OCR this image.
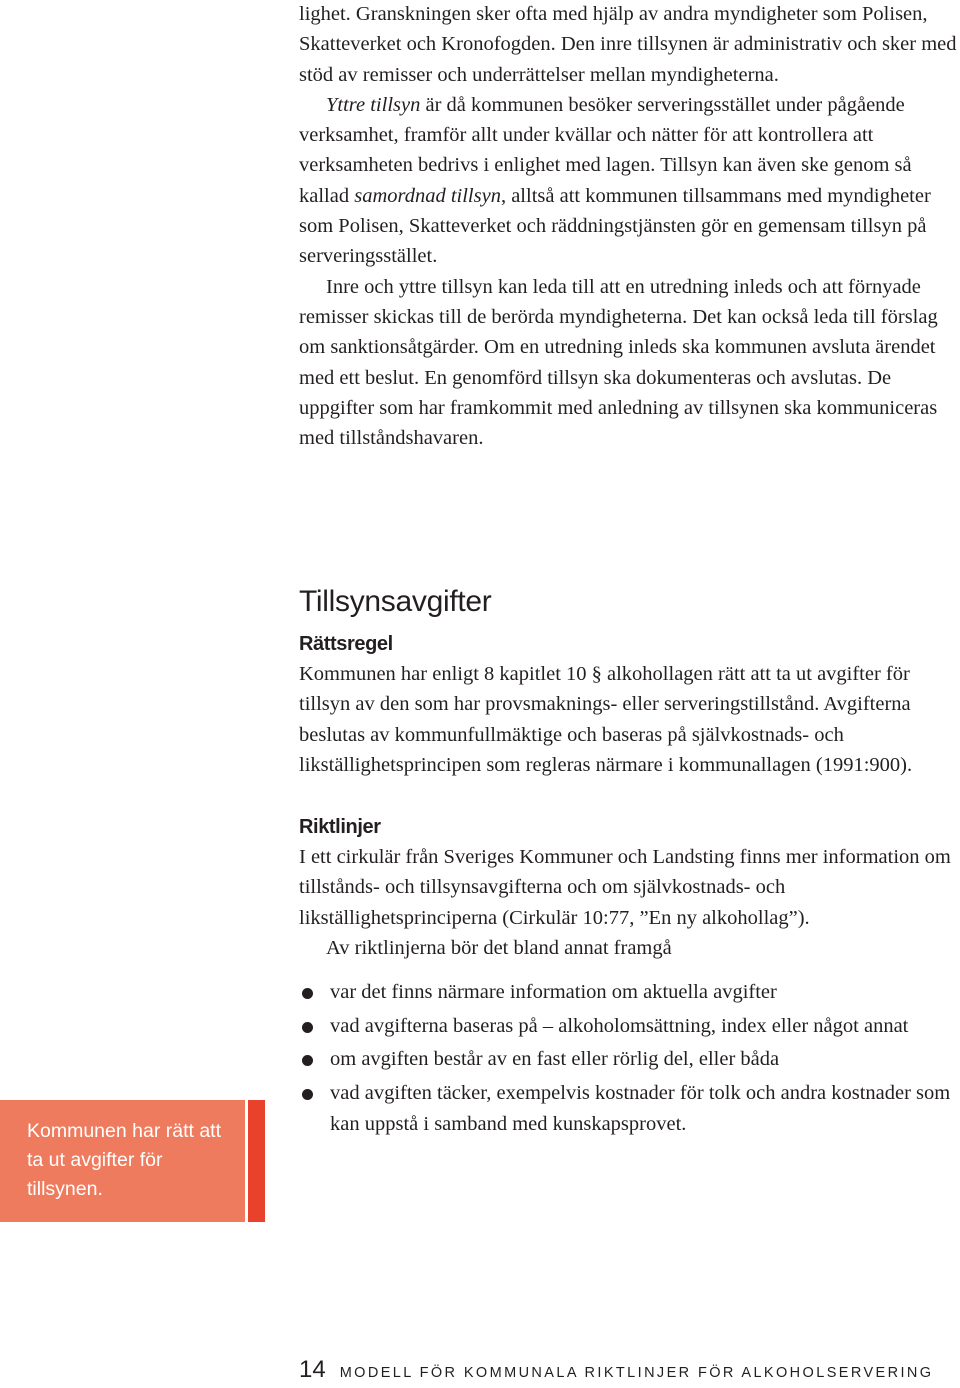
lighet. Granskningen sker ofta med hjälp av andra myndigheter som Polisen, Skatteverket och Kronofogden. Den inre tillsynen är administrativ och sker med stöd av remisser och underrättelser mellan myndigheterna.

Yttre tillsyn är då kommunen besöker serveringsstället under pågående verksamhet, framför allt under kvällar och nätter för att kontrollera att verksamheten bedrivs i enlighet med lagen. Tillsyn kan även ske genom så kallad samordnad tillsyn, alltså att kommunen tillsammans med myndigheter som Polisen, Skatteverket och räddningstjänsten gör en gemensam tillsyn på serveringsstället.

Inre och yttre tillsyn kan leda till att en utredning inleds och att förnyade remisser skickas till de berörda myndigheterna. Det kan också leda till förslag om sanktionsåtgärder. Om en utredning inleds ska kommunen avsluta ärendet med ett beslut. En genomförd tillsyn ska dokumenteras och avslutas. De uppgifter som har framkommit med anledning av tillsynen ska kommuniceras med tillståndshavaren.

Tillsynsavgifter
Rättsregel

Kommunen har enligt 8 kapitlet 10 § alkohollagen rätt att ta ut avgifter för tillsyn av den som har provsmaknings- eller serveringstillstånd. Avgifterna beslutas av kommunfullmäktige och baseras på självkostnads- och likställighetsprincipen som regleras närmare i kommunallagen (1991:900).

Riktlinjer

I ett cirkulär från Sveriges Kommuner och Landsting finns mer information om tillstånds- och tillsynsavgifterna och om självkostnads- och likställighetsprinciperna (Cirkulär 10:77, ”En ny alkohollag”).

Av riktlinjerna bör det bland annat framgå

var det finns närmare information om aktuella avgifter
vad avgifterna baseras på – alkoholomsättning, index eller något annat
om avgiften består av en fast eller rörlig del, eller båda
vad avgiften täcker, exempelvis kostnader för tolk och andra kostnader som kan uppstå i samband med kunskapsprovet.

Kommunen har rätt att ta ut avgifter för tillsynen.

14 MODELL FÖR KOMMUNALA RIKTLINJER FÖR ALKOHOLSERVERING
